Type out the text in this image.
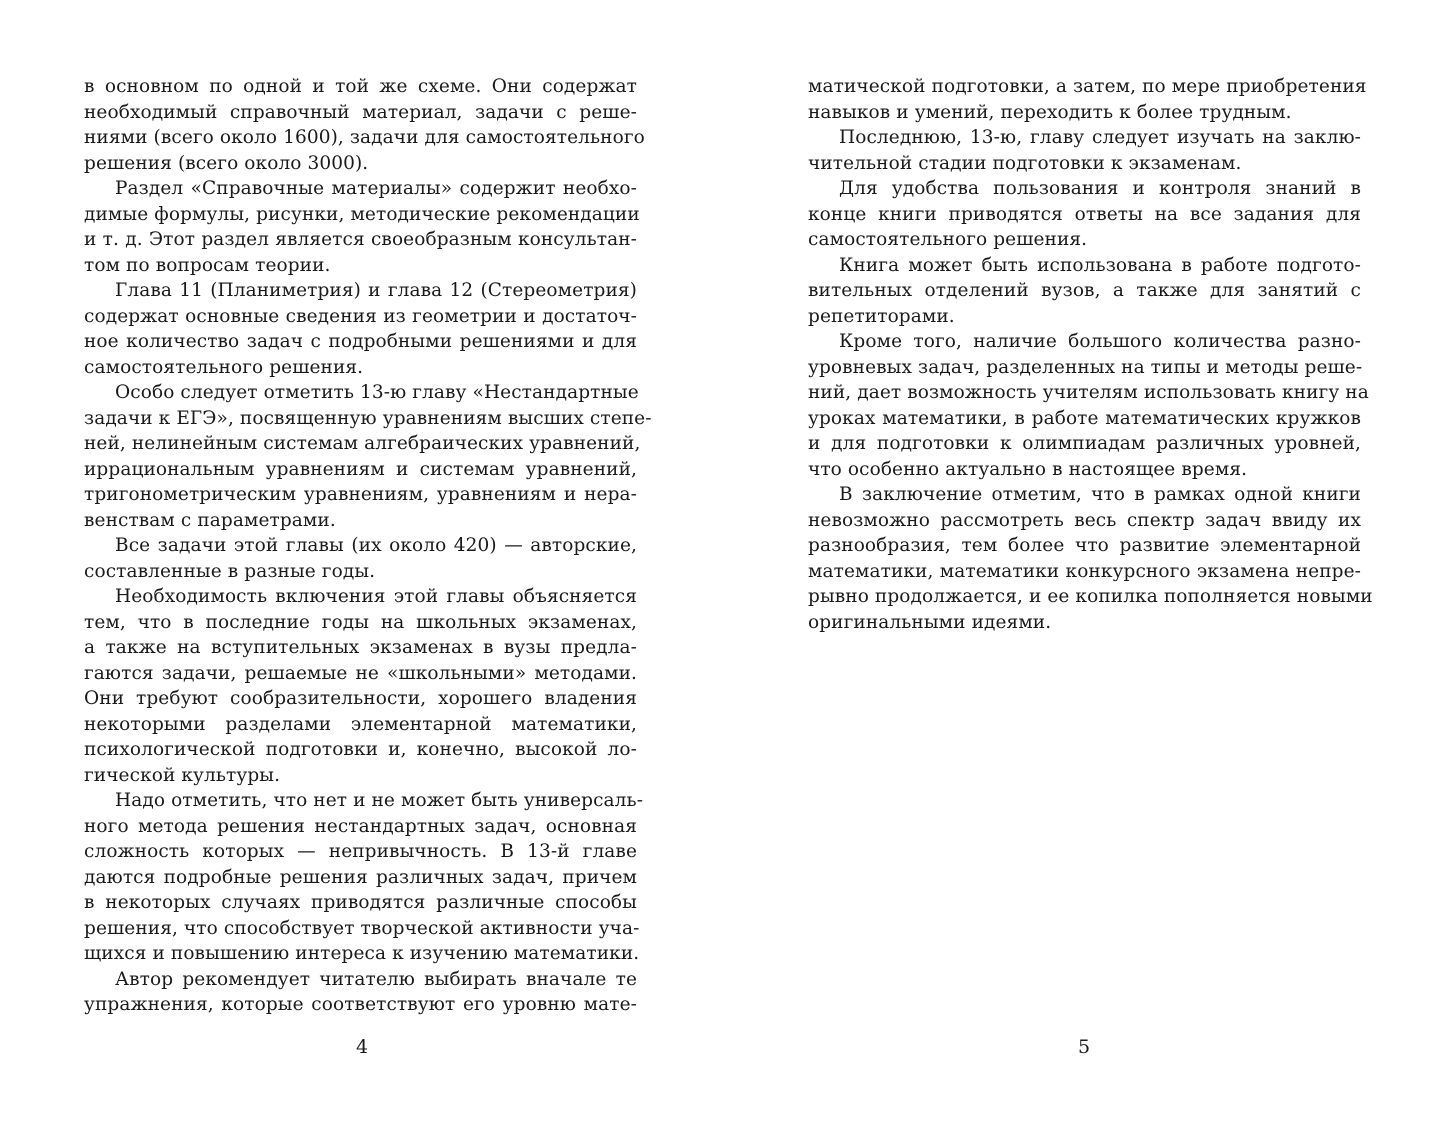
в основном по одной и той же схеме. Они содержат
необходимый справочный материал, задачи с реше-
ниями (всего около 1600), задачи для самостоятельного
решения (всего около 3000).
Раздел «Справочные материалы» содержит необхо-
димые формулы, рисунки, методические рекомендации
и т. д. Этот раздел является своеобразным консультан-
том по вопросам теории.
Глава 11 (Планиметрия) и глава 12 (Стереометрия)
содержат основные сведения из геометрии и достаточ-
ное количество задач с подробными решениями и для
самостоятельного решения.
Особо следует отметить 13-ю главу «Нестандартные
задачи к ЕГЭ», посвященную уравнениям высших степе-
ней, нелинейным системам алгебраических уравнений,
иррациональным уравнениям и системам уравнений,
тригонометрическим уравнениям, уравнениям и нера-
венствам с параметрами.
Все задачи этой главы (их около 420) — авторские,
составленные в разные годы.
Необходимость включения этой главы объясняется
тем, что в последние годы на школьных экзаменах,
а также на вступительных экзаменах в вузы предла-
гаются задачи, решаемые не «школьными» методами.
Они требуют сообразительности, хорошего владения
некоторыми разделами элементарной математики,
психологической подготовки и, конечно, высокой ло-
гической культуры.
Надо отметить, что нет и не может быть универсаль-
ного метода решения нестандартных задач, основная
сложность которых — непривычность. В 13-й главе
даются подробные решения различных задач, причем
в некоторых случаях приводятся различные способы
решения, что способствует творческой активности уча-
щихся и повышению интереса к изучению математики.
Автор рекомендует читателю выбирать вначале те
упражнения, которые соответствуют его уровню мате-
4
матической подготовки, а затем, по мере приобретения
навыков и умений, переходить к более трудным.
Последнюю, 13-ю, главу следует изучать на заклю-
чительной стадии подготовки к экзаменам.
Для удобства пользования и контроля знаний в
конце книги приводятся ответы на все задания для
самостоятельного решения.
Книга может быть использована в работе подгото-
вительных отделений вузов, а также для занятий с
репетиторами.
Кроме того, наличие большого количества разно-
уровневых задач, разделенных на типы и методы реше-
ний, дает возможность учителям использовать книгу на
уроках математики, в работе математических кружков
и для подготовки к олимпиадам различных уровней,
что особенно актуально в настоящее время.
В заключение отметим, что в рамках одной книги
невозможно рассмотреть весь спектр задач ввиду их
разнообразия, тем более что развитие элементарной
математики, математики конкурсного экзамена непре-
рывно продолжается, и ее копилка пополняется новыми
оригинальными идеями.
5
